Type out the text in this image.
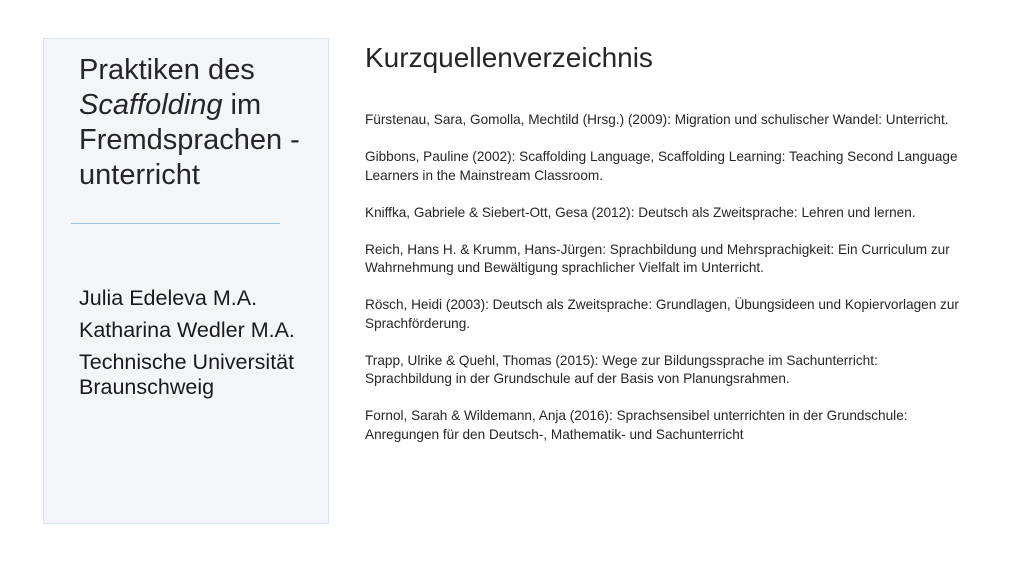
Praktiken des Scaffolding im Fremdsprachen -unterricht
Julia Edeleva M.A.
Katharina Wedler M.A.
Technische Universität Braunschweig
Kurzquellenverzeichnis

Fürstenau, Sara, Gomolla, Mechtild (Hrsg.) (2009): Migration und schulischer Wandel: Unterricht.

Gibbons, Pauline (2002): Scaffolding Language, Scaffolding Learning: Teaching Second Language Learners in the Mainstream Classroom.

Kniffka, Gabriele & Siebert-Ott, Gesa (2012): Deutsch als Zweitsprache: Lehren und lernen.

Reich, Hans H. & Krumm, Hans-Jürgen: Sprachbildung und Mehrsprachigkeit: Ein Curriculum zur Wahrnehmung und Bewältigung sprachlicher Vielfalt im Unterricht.

Rösch, Heidi (2003): Deutsch als Zweitsprache: Grundlagen, Übungsideen und Kopiervorlagen zur Sprachförderung.

Trapp, Ulrike & Quehl, Thomas (2015): Wege zur Bildungssprache im Sachunterricht: Sprachbildung in der Grundschule auf der Basis von Planungsrahmen.

Fornol, Sarah & Wildemann, Anja (2016): Sprachsensibel unterrichten in der Grundschule: Anregungen für den Deutsch-, Mathematik- und Sachunterricht
